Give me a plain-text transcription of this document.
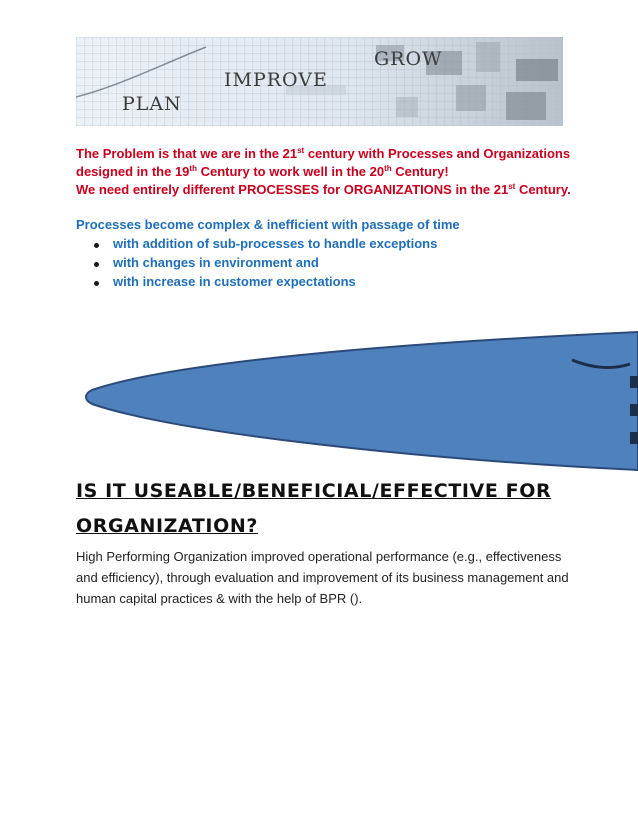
PLAN
IMPROVE
GROW
The Problem is that we are in the 21st century with Processes and Organizations
designed in the 19th Century to work well in the 20th Century!
We need entirely different PROCESSES for ORGANIZATIONS in the 21st Century.
Processes become complex & inefficient with passage of time
with addition of sub-processes to handle exceptions
with changes in environment and
with increase in customer expectations
IS IT USEABLE/BENEFICIAL/EFFECTIVE FOR ORGANIZATION?
High Performing Organization improved operational performance (e.g., effectiveness and efficiency), through evaluation and improvement of its business management and human capital practices & with the help of BPR ().
